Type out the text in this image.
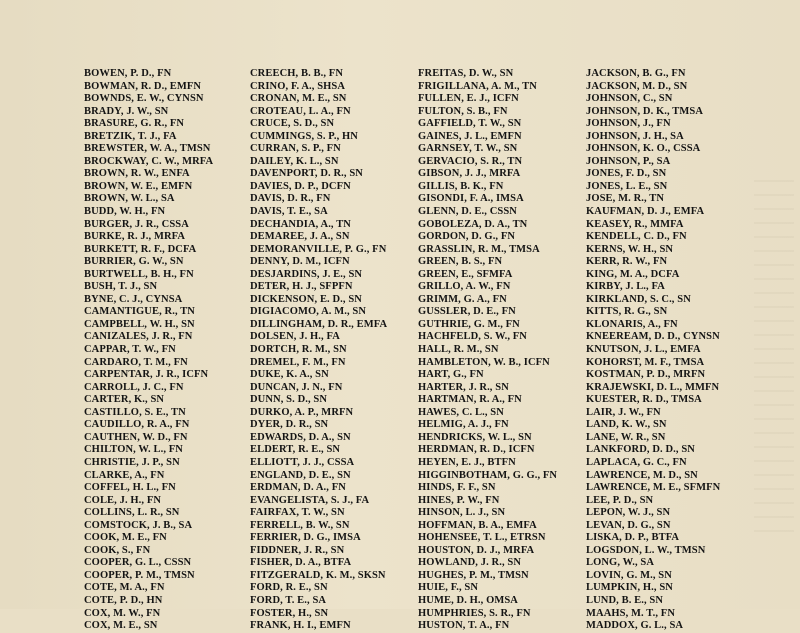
BOWEN, P. D., FN
BOWMAN, R. D., EMFN
BOWNDS, E. W., CYNSN
BRADY, J. W., SN
BRASURE, G. R., FN
BRETZIK, T. J., FA
BREWSTER, W. A., TMSN
BROCKWAY, C. W., MRFA
BROWN, R. W., ENFA
BROWN, W. E., EMFN
BROWN, W. L., SA
BUDD, W. H., FN
BURGER, J. R., CSSA
BURKE, R. J., MRFA
BURKETT, R. F., DCFA
BURRIER, G. W., SN
BURTWELL, B. H., FN
BUSH, T. J., SN
BYNE, C. J., CYNSA
CAMANTIGUE, R., TN
CAMPBELL, W. H., SN
CANIZALES, J. R., FN
CAPPAR, T. W., FN
CARDARO, T. M., FN
CARPENTAR, J. R., ICFN
CARROLL, J. C., FN
CARTER, K., SN
CASTILLO, S. E., TN
CAUDILLO, R. A., FN
CAUTHEN, W. D., FN
CHILTON, W. L., FN
CHRISTIE, J. P., SN
CLARKE, A., FN
COFFEL, H. L., FN
COLE, J. H., FN
COLLINS, L. R., SN
COMSTOCK, J. B., SA
COOK, M. E., FN
COOK, S., FN
COOPER, G. L., CSSN
COOPER, P. M., TMSN
COTE, M. A., FN
COTE, P. D., HN
COX, M. W., FN
COX, M. E., SN
CREECH, B. B., FN
CRINO, F. A., SHSA
CRONAN, M. E., SN
CROTEAU, L. A., FN
CRUCE, S. D., SN
CUMMINGS, S. P., HN
CURRAN, S. P., FN
DAILEY, K. L., SN
DAVENPORT, D. R., SN
DAVIES, D. P., DCFN
DAVIS, D. R., FN
DAVIS, T. E., SA
DECHANDIA, A., TN
DEMAREE, J. A., SN
DEMORANVILLE, P. G., FN
DENNY, D. M., ICFN
DESJARDINS, J. E., SN
DETER, H. J., SFPFN
DICKENSON, E. D., SN
DIGIACOMO, A. M., SN
DILLINGHAM, D. R., EMFA
DOLSEN, J. H., FA
DORTCH, R. M., SN
DREMEL, F. M., FN
DUKE, K. A., SN
DUNCAN, J. N., FN
DUNN, S. D., SN
DURKO, A. P., MRFN
DYER, D. R., SN
EDWARDS, D. A., SN
ELDERT, R. E., SN
ELLIOTT, J. J., CSSA
ENGLAND, D. E., SN
ERDMAN, D. A., FN
EVANGELISTA, S. J., FA
FAIRFAX, T. W., SN
FERRELL, B. W., SN
FERRIER, D. G., IMSA
FIDDNER, J. R., SN
FISHER, D. A., BTFA
FITZGERALD, K. M., SKSN
FORD, R. E., SN
FORD, T. E., SA
FOSTER, H., SN
FRANK, H. I., EMFN
FREITAS, D. W., SN
FRIGILLANA, A. M., TN
FULLEN, E. J., ICFN
FULTON, S. B., FN
GAFFIELD, T. W., SN
GAINES, J. L., EMFN
GARNSEY, T. W., SN
GERVACIO, S. R., TN
GIBSON, J. J., MRFA
GILLIS, B. K., FN
GISONDI, F. A., IMSA
GLENN, D. E., CSSN
GOBOLEZA, D. A., TN
GORDON, D. G., FN
GRASSLIN, R. M., TMSA
GREEN, B. S., FN
GREEN, E., SFMFA
GRILLO, A. W., FN
GRIMM, G. A., FN
GUSSLER, D. E., FN
GUTHRIE, G. M., FN
HACHFELD, S. W., FN
HALL, R. M., SN
HAMBLETON, W. B., ICFN
HART, G., FN
HARTER, J. R., SN
HARTMAN, R. A., FN
HAWES, C. L., SN
HELMIG, A. J., FN
HENDRICKS, W. L., SN
HERDMAN, R. D., ICFN
HEYEN, E. J., BTFN
HIGGINBOTHAM, G. G., FN
HINDS, F. F., SN
HINES, P. W., FN
HINSON, L. J., SN
HOFFMAN, B. A., EMFA
HOHENSEE, T. L., ETRSN
HOUSTON, D. J., MRFA
HOWLAND, J. R., SN
HUGHES, P. M., TMSN
HUIE, F., SN
HUME, D. H., OMSA
HUMPHRIES, S. R., FN
HUSTON, T. A., FN
JACKSON, B. G., FN
JACKSON, M. D., SN
JOHNSON, C., SN
JOHNSON, D. K., TMSA
JOHNSON, J., FN
JOHNSON, J. H., SA
JOHNSON, K. O., CSSA
JOHNSON, P., SA
JONES, F. D., SN
JONES, L. E., SN
JOSE, M. R., TN
KAUFMAN, D. J., EMFA
KEASEY, R., MMFA
KENDELL, C. D., FN
KERNS, W. H., SN
KERR, R. W., FN
KING, M. A., DCFA
KIRBY, J. L., FA
KIRKLAND, S. C., SN
KITTS, R. G., SN
KLONARIS, A., FN
KNEEREAM, D. D., CYNSN
KNUTSON, J. L., EMFA
KOHORST, M. F., TMSA
KOSTMAN, P. D., MRFN
KRAJEWSKI, D. L., MMFN
KUESTER, R. D., TMSA
LAIR, J. W., FN
LAND, K. W., SN
LANE, W. R., SN
LANKFORD, D. D., SN
LAPLACA, G. C., FN
LAWRENCE, M. D., SN
LAWRENCE, M. E., SFMFN
LEE, P. D., SN
LEPON, W. J., SN
LEVAN, D. G., SN
LISKA, D. P., BTFA
LOGSDON, L. W., TMSN
LONG, W., SA
LOVIN, G. M., SN
LUMPKIN, H., SN
LUND, B. E., SN
MAAHS, M. T., FN
MADDOX, G. L., SA
